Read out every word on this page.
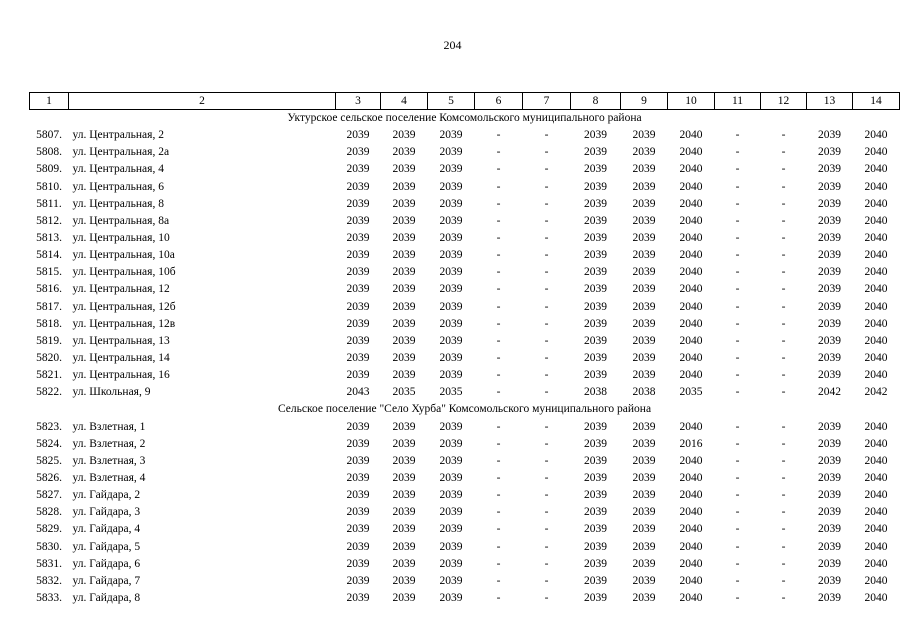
204
1	2	3	4	5	6	7	8	9	10	11	12	13	14
Уктурское сельское поселение Комсомольского муниципального района													
5807.	ул. Центральная, 2	2039	2039	2039	-	-	2039	2039	2040	-	-	2039	2040
5808.	ул. Центральная, 2а	2039	2039	2039	-	-	2039	2039	2040	-	-	2039	2040
5809.	ул. Центральная, 4	2039	2039	2039	-	-	2039	2039	2040	-	-	2039	2040
5810.	ул. Центральная, 6	2039	2039	2039	-	-	2039	2039	2040	-	-	2039	2040
5811.	ул. Центральная, 8	2039	2039	2039	-	-	2039	2039	2040	-	-	2039	2040
5812.	ул. Центральная, 8а	2039	2039	2039	-	-	2039	2039	2040	-	-	2039	2040
5813.	ул. Центральная, 10	2039	2039	2039	-	-	2039	2039	2040	-	-	2039	2040
5814.	ул. Центральная, 10а	2039	2039	2039	-	-	2039	2039	2040	-	-	2039	2040
5815.	ул. Центральная, 10б	2039	2039	2039	-	-	2039	2039	2040	-	-	2039	2040
5816.	ул. Центральная, 12	2039	2039	2039	-	-	2039	2039	2040	-	-	2039	2040
5817.	ул. Центральная, 12б	2039	2039	2039	-	-	2039	2039	2040	-	-	2039	2040
5818.	ул. Центральная, 12в	2039	2039	2039	-	-	2039	2039	2040	-	-	2039	2040
5819.	ул. Центральная, 13	2039	2039	2039	-	-	2039	2039	2040	-	-	2039	2040
5820.	ул. Центральная, 14	2039	2039	2039	-	-	2039	2039	2040	-	-	2039	2040
5821.	ул. Центральная, 16	2039	2039	2039	-	-	2039	2039	2040	-	-	2039	2040
5822.	ул. Школьная, 9	2043	2035	2035	-	-	2038	2038	2035	-	-	2042	2042
Сельское поселение "Село Хурба" Комсомольского муниципального района													
5823.	ул. Взлетная, 1	2039	2039	2039	-	-	2039	2039	2040	-	-	2039	2040
5824.	ул. Взлетная, 2	2039	2039	2039	-	-	2039	2039	2016	-	-	2039	2040
5825.	ул. Взлетная, 3	2039	2039	2039	-	-	2039	2039	2040	-	-	2039	2040
5826.	ул. Взлетная, 4	2039	2039	2039	-	-	2039	2039	2040	-	-	2039	2040
5827.	ул. Гайдара, 2	2039	2039	2039	-	-	2039	2039	2040	-	-	2039	2040
5828.	ул. Гайдара, 3	2039	2039	2039	-	-	2039	2039	2040	-	-	2039	2040
5829.	ул. Гайдара, 4	2039	2039	2039	-	-	2039	2039	2040	-	-	2039	2040
5830.	ул. Гайдара, 5	2039	2039	2039	-	-	2039	2039	2040	-	-	2039	2040
5831.	ул. Гайдара, 6	2039	2039	2039	-	-	2039	2039	2040	-	-	2039	2040
5832.	ул. Гайдара, 7	2039	2039	2039	-	-	2039	2039	2040	-	-	2039	2040
5833.	ул. Гайдара, 8	2039	2039	2039	-	-	2039	2039	2040	-	-	2039	2040
